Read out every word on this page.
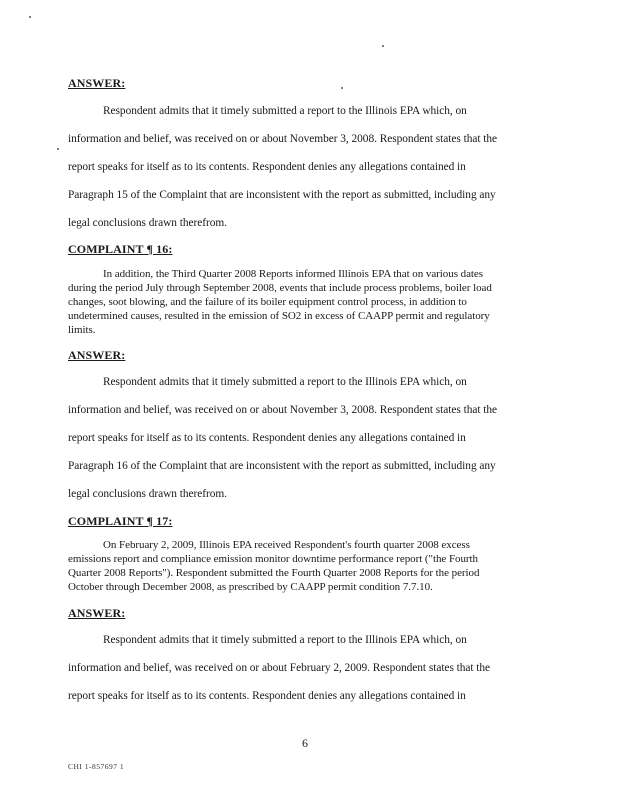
ANSWER:
Respondent admits that it timely submitted a report to the Illinois EPA which, on
information and belief, was received on or about November 3, 2008. Respondent states that the
report speaks for itself as to its contents. Respondent denies any allegations contained in
Paragraph 15 of the Complaint that are inconsistent with the report as submitted, including any
legal conclusions drawn therefrom.
COMPLAINT ¶ 16:
In addition, the Third Quarter 2008 Reports informed Illinois EPA that on various dates
during the period July through September 2008, events that include process problems, boiler load
changes, soot blowing, and the failure of its boiler equipment control process, in addition to
undetermined causes, resulted in the emission of SO2 in excess of CAAPP permit and regulatory
limits.
ANSWER:
Respondent admits that it timely submitted a report to the Illinois EPA which, on
information and belief, was received on or about November 3, 2008. Respondent states that the
report speaks for itself as to its contents. Respondent denies any allegations contained in
Paragraph 16 of the Complaint that are inconsistent with the report as submitted, including any
legal conclusions drawn therefrom.
COMPLAINT ¶ 17:
On February 2, 2009, Illinois EPA received Respondent's fourth quarter 2008 excess
emissions report and compliance emission monitor downtime performance report ("the Fourth
Quarter 2008 Reports"). Respondent submitted the Fourth Quarter 2008 Reports for the period
October through December 2008, as prescribed by CAAPP permit condition 7.7.10.
ANSWER:
Respondent admits that it timely submitted a report to the Illinois EPA which, on
information and belief, was received on or about February 2, 2009. Respondent states that the
report speaks for itself as to its contents. Respondent denies any allegations contained in
6
CHI 1-857697 1
